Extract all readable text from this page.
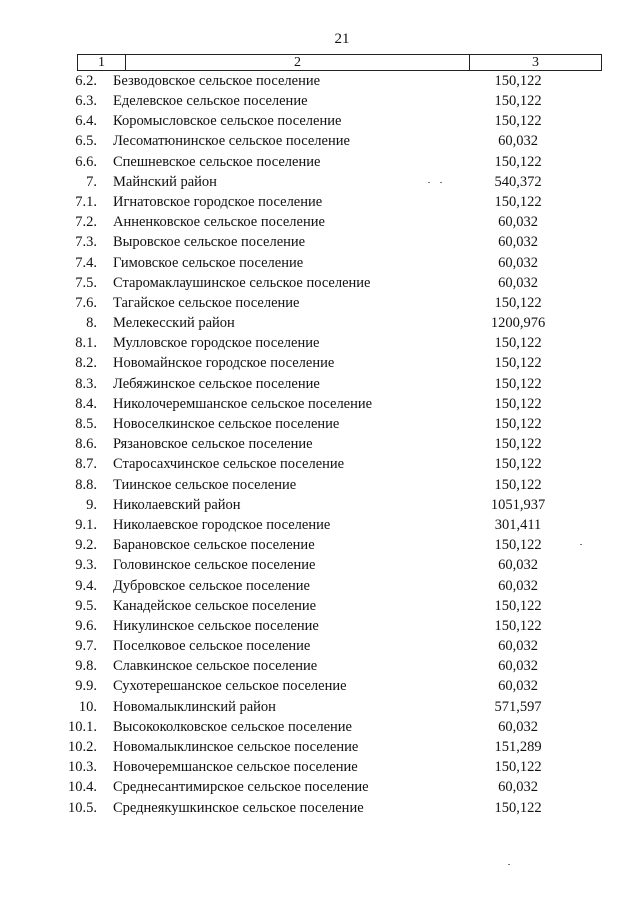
21
1	2	3
6.2.	Безводовское сельское поселение	150,122
6.3.	Еделевское сельское поселение	150,122
6.4.	Коромысловское сельское поселение	150,122
6.5.	Лесоматюнинское сельское поселение	60,032
6.6.	Спешневское сельское поселение	150,122
7.	Майнский район	540,372
7.1.	Игнатовское городское поселение	150,122
7.2.	Анненковское сельское поселение	60,032
7.3.	Выровское сельское поселение	60,032
7.4.	Гимовское сельское поселение	60,032
7.5.	Старомаклаушинское сельское поселение	60,032
7.6.	Тагайское сельское поселение	150,122
8.	Мелекесский район	1200,976
8.1.	Мулловское городское поселение	150,122
8.2.	Новомайнское городское поселение	150,122
8.3.	Лебяжинское сельское поселение	150,122
8.4.	Николочеремшанское сельское поселение	150,122
8.5.	Новоселкинское сельское поселение	150,122
8.6.	Рязановское сельское поселение	150,122
8.7.	Старосахчинское сельское поселение	150,122
8.8.	Тиинское сельское поселение	150,122
9.	Николаевский район	1051,937
9.1.	Николаевское городское поселение	301,411
9.2.	Барановское сельское поселение	150,122
9.3.	Головинское сельское поселение	60,032
9.4.	Дубровское сельское поселение	60,032
9.5.	Канадейское сельское поселение	150,122
9.6.	Никулинское сельское поселение	150,122
9.7.	Поселковое сельское поселение	60,032
9.8.	Славкинское сельское поселение	60,032
9.9.	Сухотерешанское сельское поселение	60,032
10.	Новомалыклинский район	571,597
10.1.	Высококолковское сельское поселение	60,032
10.2.	Новомалыклинское сельское поселение	151,289
10.3.	Новочеремшанское сельское поселение	150,122
10.4.	Среднесантимирское сельское поселение	60,032
10.5.	Среднеякушкинское сельское поселение	150,122
